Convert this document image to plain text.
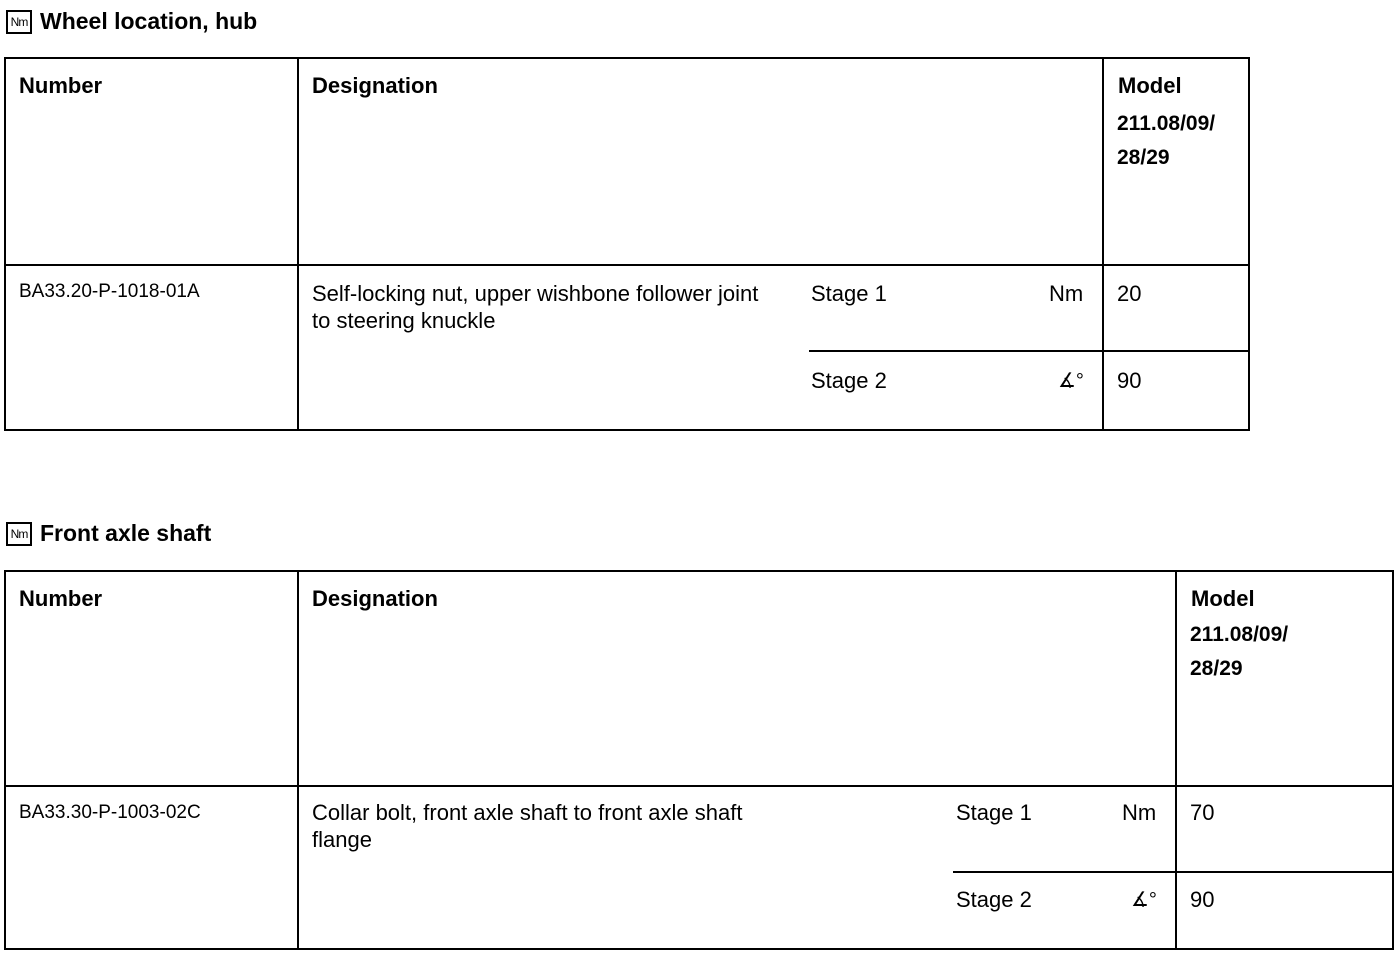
Nm Wheel location, hub
Number	Designation	Model
211.08/09/ 28/29
BA33.20-P-1018-01A	Self-locking nut, upper wishbone follower joint to steering knuckle
Stage 1	Nm 20
Stage 2	∡° 90
Nm Front axle shaft
Number	Designation	Model
211.08/09/ 28/29
BA33.30-P-1003-02C	Collar bolt, front axle shaft to front axle shaft flange
Stage 1	Nm 70
Stage 2	∡° 90
